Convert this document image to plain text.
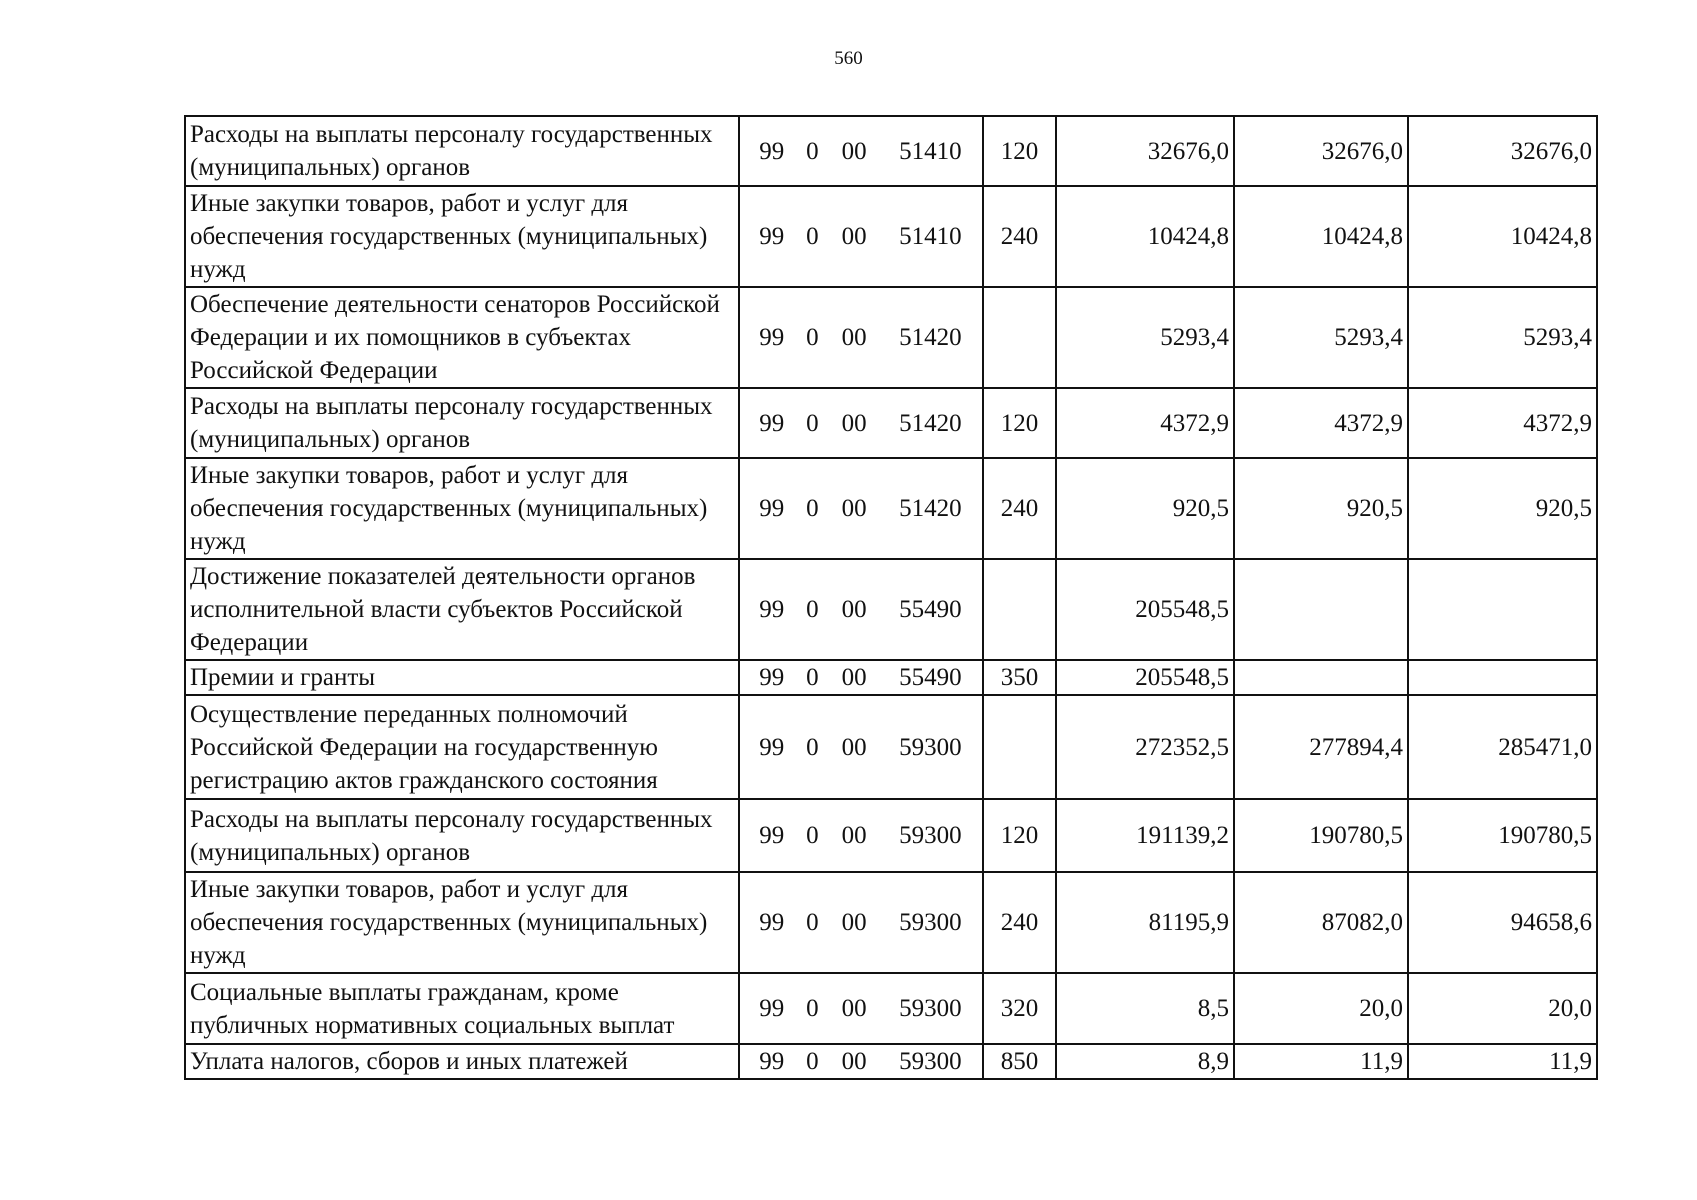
560
Расходы на выплаты персоналу государственных (муниципальных) органов	99 0 00 51410	120	32676,0	32676,0	32676,0
Иные закупки товаров, работ и услуг для обеспечения государственных (муниципальных) нужд	99 0 00 51410	240	10424,8	10424,8	10424,8
Обеспечение деятельности сенаторов Российской Федерации и их помощников в субъектах Российской Федерации	99 0 00 51420		5293,4	5293,4	5293,4
Расходы на выплаты персоналу государственных (муниципальных) органов	99 0 00 51420	120	4372,9	4372,9	4372,9
Иные закупки товаров, работ и услуг для обеспечения государственных (муниципальных) нужд	99 0 00 51420	240	920,5	920,5	920,5
Достижение показателей деятельности органов исполнительной власти субъектов Российской Федерации	99 0 00 55490		205548,5		
Премии и гранты	99 0 00 55490	350	205548,5		
Осуществление переданных полномочий Российской Федерации на государственную регистрацию актов гражданского состояния	99 0 00 59300		272352,5	277894,4	285471,0
Расходы на выплаты персоналу государственных (муниципальных) органов	99 0 00 59300	120	191139,2	190780,5	190780,5
Иные закупки товаров, работ и услуг для обеспечения государственных (муниципальных) нужд	99 0 00 59300	240	81195,9	87082,0	94658,6
Социальные выплаты гражданам, кроме публичных нормативных социальных выплат	99 0 00 59300	320	8,5	20,0	20,0
Уплата налогов, сборов и иных платежей	99 0 00 59300	850	8,9	11,9	11,9
